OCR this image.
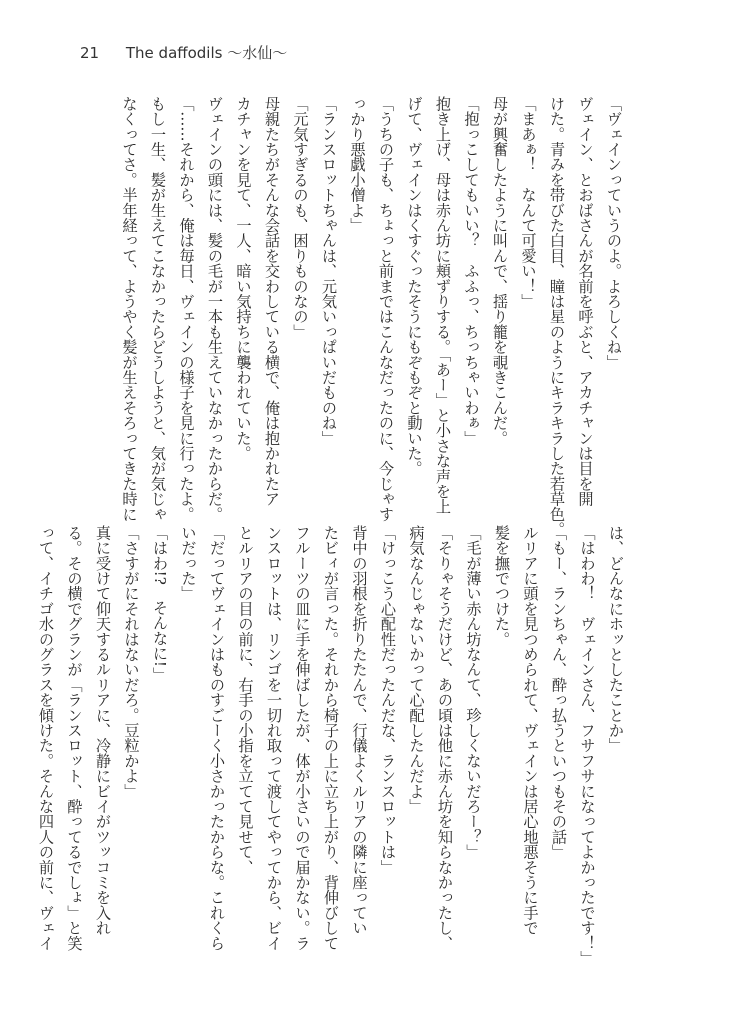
21 The daffodils ～水仙～
「ヴェインっていうのよ。よろしくね」
ヴェイン、とおばさんが名前を呼ぶと、アカチャンは目を開
けた。青みを帯びた白目、瞳は星のようにキラキラした若草色。
「まあぁ！　なんて可愛い！」
母が興奮したように叫んで、揺り籠を覗きこんだ。
「抱っこしてもいい？　ふふっ、ちっちゃいわぁ」
抱き上げ、母は赤ん坊に頬ずりする。「あー」と小さな声を上
げて、ヴェインはくすぐったそうにもぞもぞと動いた。
「うちの子も、ちょっと前まではこんなだったのに、今じゃす
っかり悪戯小僧よ」
「ランスロットちゃんは、元気いっぱいだものね」
「元気すぎるのも、困りものなの」
母親たちがそんな会話を交わしている横で、俺は抱かれたア
カチャンを見て、一人、暗い気持ちに襲われていた。
ヴェインの頭には、髪の毛が一本も生えていなかったからだ。
「……それから、俺は毎日、ヴェインの様子を見に行ったよ。
もし一生、髪が生えてこなかったらどうしようと、気が気じゃ
なくってさ。半年経って、ようやく髪が生えそろってきた時に
は、どんなにホッとしたことか」
「はわわ！　ヴェインさん、フサフサになってよかったです！」
「もー、ランちゃん、酔っ払うといつもその話」
ルリアに頭を見つめられて、ヴェインは居心地悪そうに手で
髪を撫でつけた。
「毛が薄い赤ん坊なんて、珍しくないだろー？」
「そりゃそうだけど、あの頃は他に赤ん坊を知らなかったし、
病気なんじゃないかって心配したんだよ」
「けっこう心配性だったんだな、ランスロットは」
背中の羽根を折りたたんで、行儀よくルリアの隣に座ってい
たビィが言った。それから椅子の上に立ち上がり、背伸びして
フルーツの皿に手を伸ばしたが、体が小さいので届かない。ラ
ンスロットは、リンゴを一切れ取って渡してやってから、ビイ
とルリアの目の前に、右手の小指を立てて見せて、
「だってヴェインはものすごーく小さかったからな。これくら
いだった」
「はわ!?　そんなに!」
「さすがにそれはないだろ。豆粒かよ」
真に受けて仰天するルリアに、冷静にビイがツッコミを入れ
る。その横でグランが「ランスロット、酔ってるでしょ」と笑
って、イチゴ水のグラスを傾けた。そんな四人の前に、ヴェイ
